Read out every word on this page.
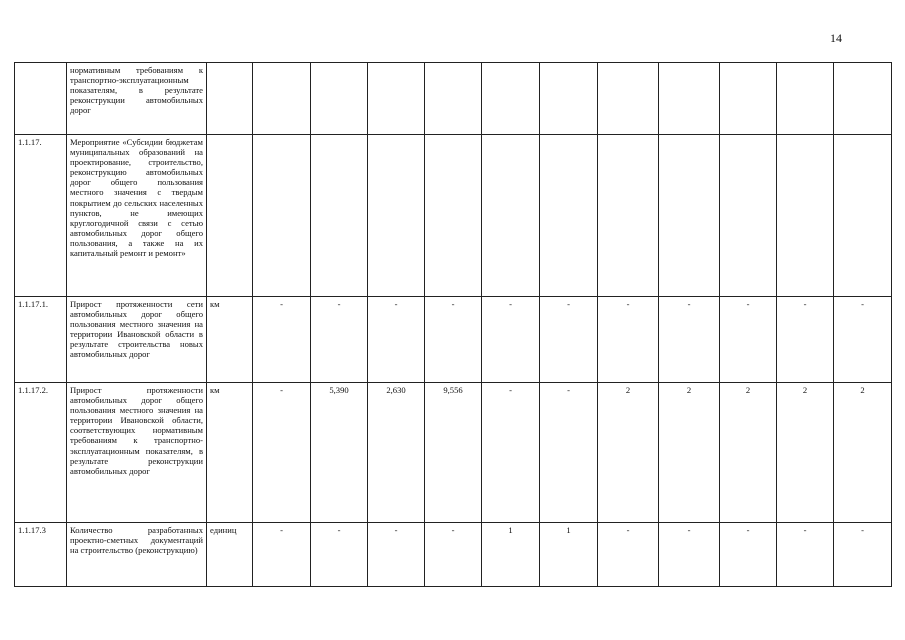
14
	нормативным требованиям к транспортно-эксплуатационным показателям, в результате реконструкции автомобильных дорог												
1.1.17.	Мероприятие «Субсидии бюджетам муниципальных образований на проектирование, строительство, реконструкцию автомобильных дорог общего пользования местного значения с твердым покрытием до сельских населенных пунктов, не имеющих круглогодичной связи с сетью автомобильных дорог общего пользования, а также на их капитальный ремонт и ремонт»												
1.1.17.1.	Прирост протяженности сети автомобильных дорог общего пользования местного значения на территории Ивановской области в результате строительства новых автомобильных дорог	км	-	-	-	-	-	-	-	-	-	-	-
1.1.17.2.	Прирост протяженности автомобильных дорог общего пользования местного значения на территории Ивановской области, соответствующих нормативным требованиям к транспортно-эксплуатационным показателям, в результате реконструкции автомобильных дорог	км	-	5,390	2,630	9,556	-	-	2	2	2	2	2
1.1.17.3	Количество разработанных проектно-сметных документаций на строительство (реконструкцию)	единиц	-	-	-	-	1	1	-	-	-	-	-
